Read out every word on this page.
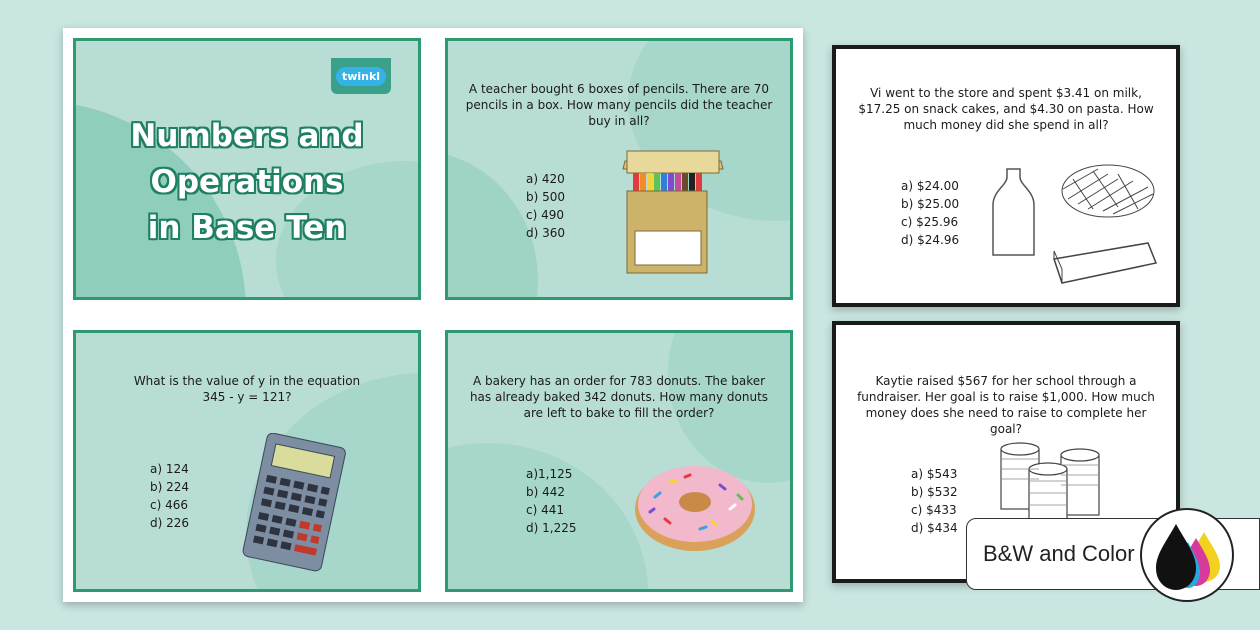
twinkl
Numbers and
Operations
in Base Ten
A teacher bought 6 boxes of pencils. There are 70 pencils in a box. How many pencils did the teacher buy in all?
a) 420
b) 500
c) 490
d) 360
What is the value of y in the equation
345 - y = 121?
a) 124
b) 224
c) 466
d) 226
A bakery has an order for 783 donuts. The baker has already baked 342 donuts. How many donuts are left to bake to fill the order?
a)1,125
b) 442
c) 441
d) 1,225
Vi went to the store and spent $3.41 on milk, $17.25 on snack cakes, and $4.30 on pasta. How much money did she spend in all?
a) $24.00
b) $25.00
c) $25.96
d) $24.96
Kaytie raised $567 for her school through a fundraiser. Her goal is to raise $1,000. How much money does she need to raise to complete her goal?
a) $543
b) $532
c) $433
d) $434
B&W and Color
